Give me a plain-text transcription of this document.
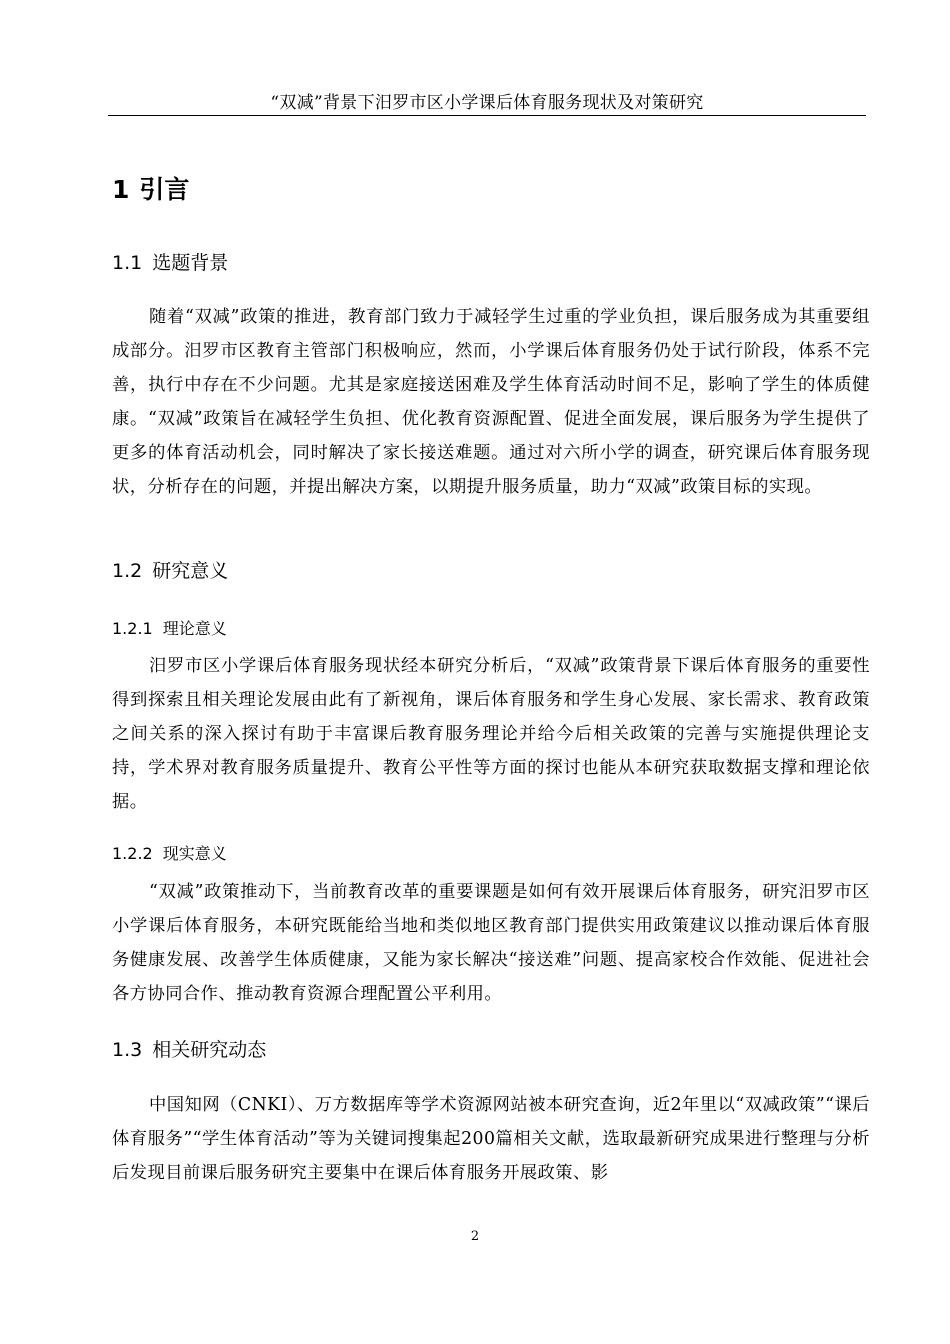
“双减”背景下汨罗市区小学课后体育服务现状及对策研究
1 引言
1.1 选题背景

随着“双减”政策的推进，教育部门致力于减轻学生过重的学业负担，课后服务成为其重要组成部分。汨罗市区教育主管部门积极响应，然而，小学课后体育服务仍处于试行阶段，体系不完善，执行中存在不少问题。尤其是家庭接送困难及学生体育活动时间不足，影响了学生的体质健康。“双减”政策旨在减轻学生负担、优化教育资源配置、促进全面发展，课后服务为学生提供了更多的体育活动机会，同时解决了家长接送难题。通过对六所小学的调查，研究课后体育服务现状，分析存在的问题，并提出解决方案，以期提升服务质量，助力“双减”政策目标的实现。

1.2 研究意义
1.2.1 理论意义

汨罗市区小学课后体育服务现状经本研究分析后，“双减”政策背景下课后体育服务的重要性得到探索且相关理论发展由此有了新视角，课后体育服务和学生身心发展、家长需求、教育政策之间关系的深入探讨有助于丰富课后教育服务理论并给今后相关政策的完善与实施提供理论支持，学术界对教育服务质量提升、教育公平性等方面的探讨也能从本研究获取数据支撑和理论依据。

1.2.2 现实意义

“双减”政策推动下，当前教育改革的重要课题是如何有效开展课后体育服务，研究汨罗市区小学课后体育服务，本研究既能给当地和类似地区教育部门提供实用政策建议以推动课后体育服务健康发展、改善学生体质健康，又能为家长解决“接送难”问题、提高家校合作效能、促进社会各方协同合作、推动教育资源合理配置公平利用。

1.3 相关研究动态

中国知网（CNKI）、万方数据库等学术资源网站被本研究查询，近2年里以“双减政策”“课后体育服务”“学生体育活动”等为关键词搜集起200篇相关文献，选取最新研究成果进行整理与分析后发现目前课后服务研究主要集中在课后体育服务开展政策、影

2
